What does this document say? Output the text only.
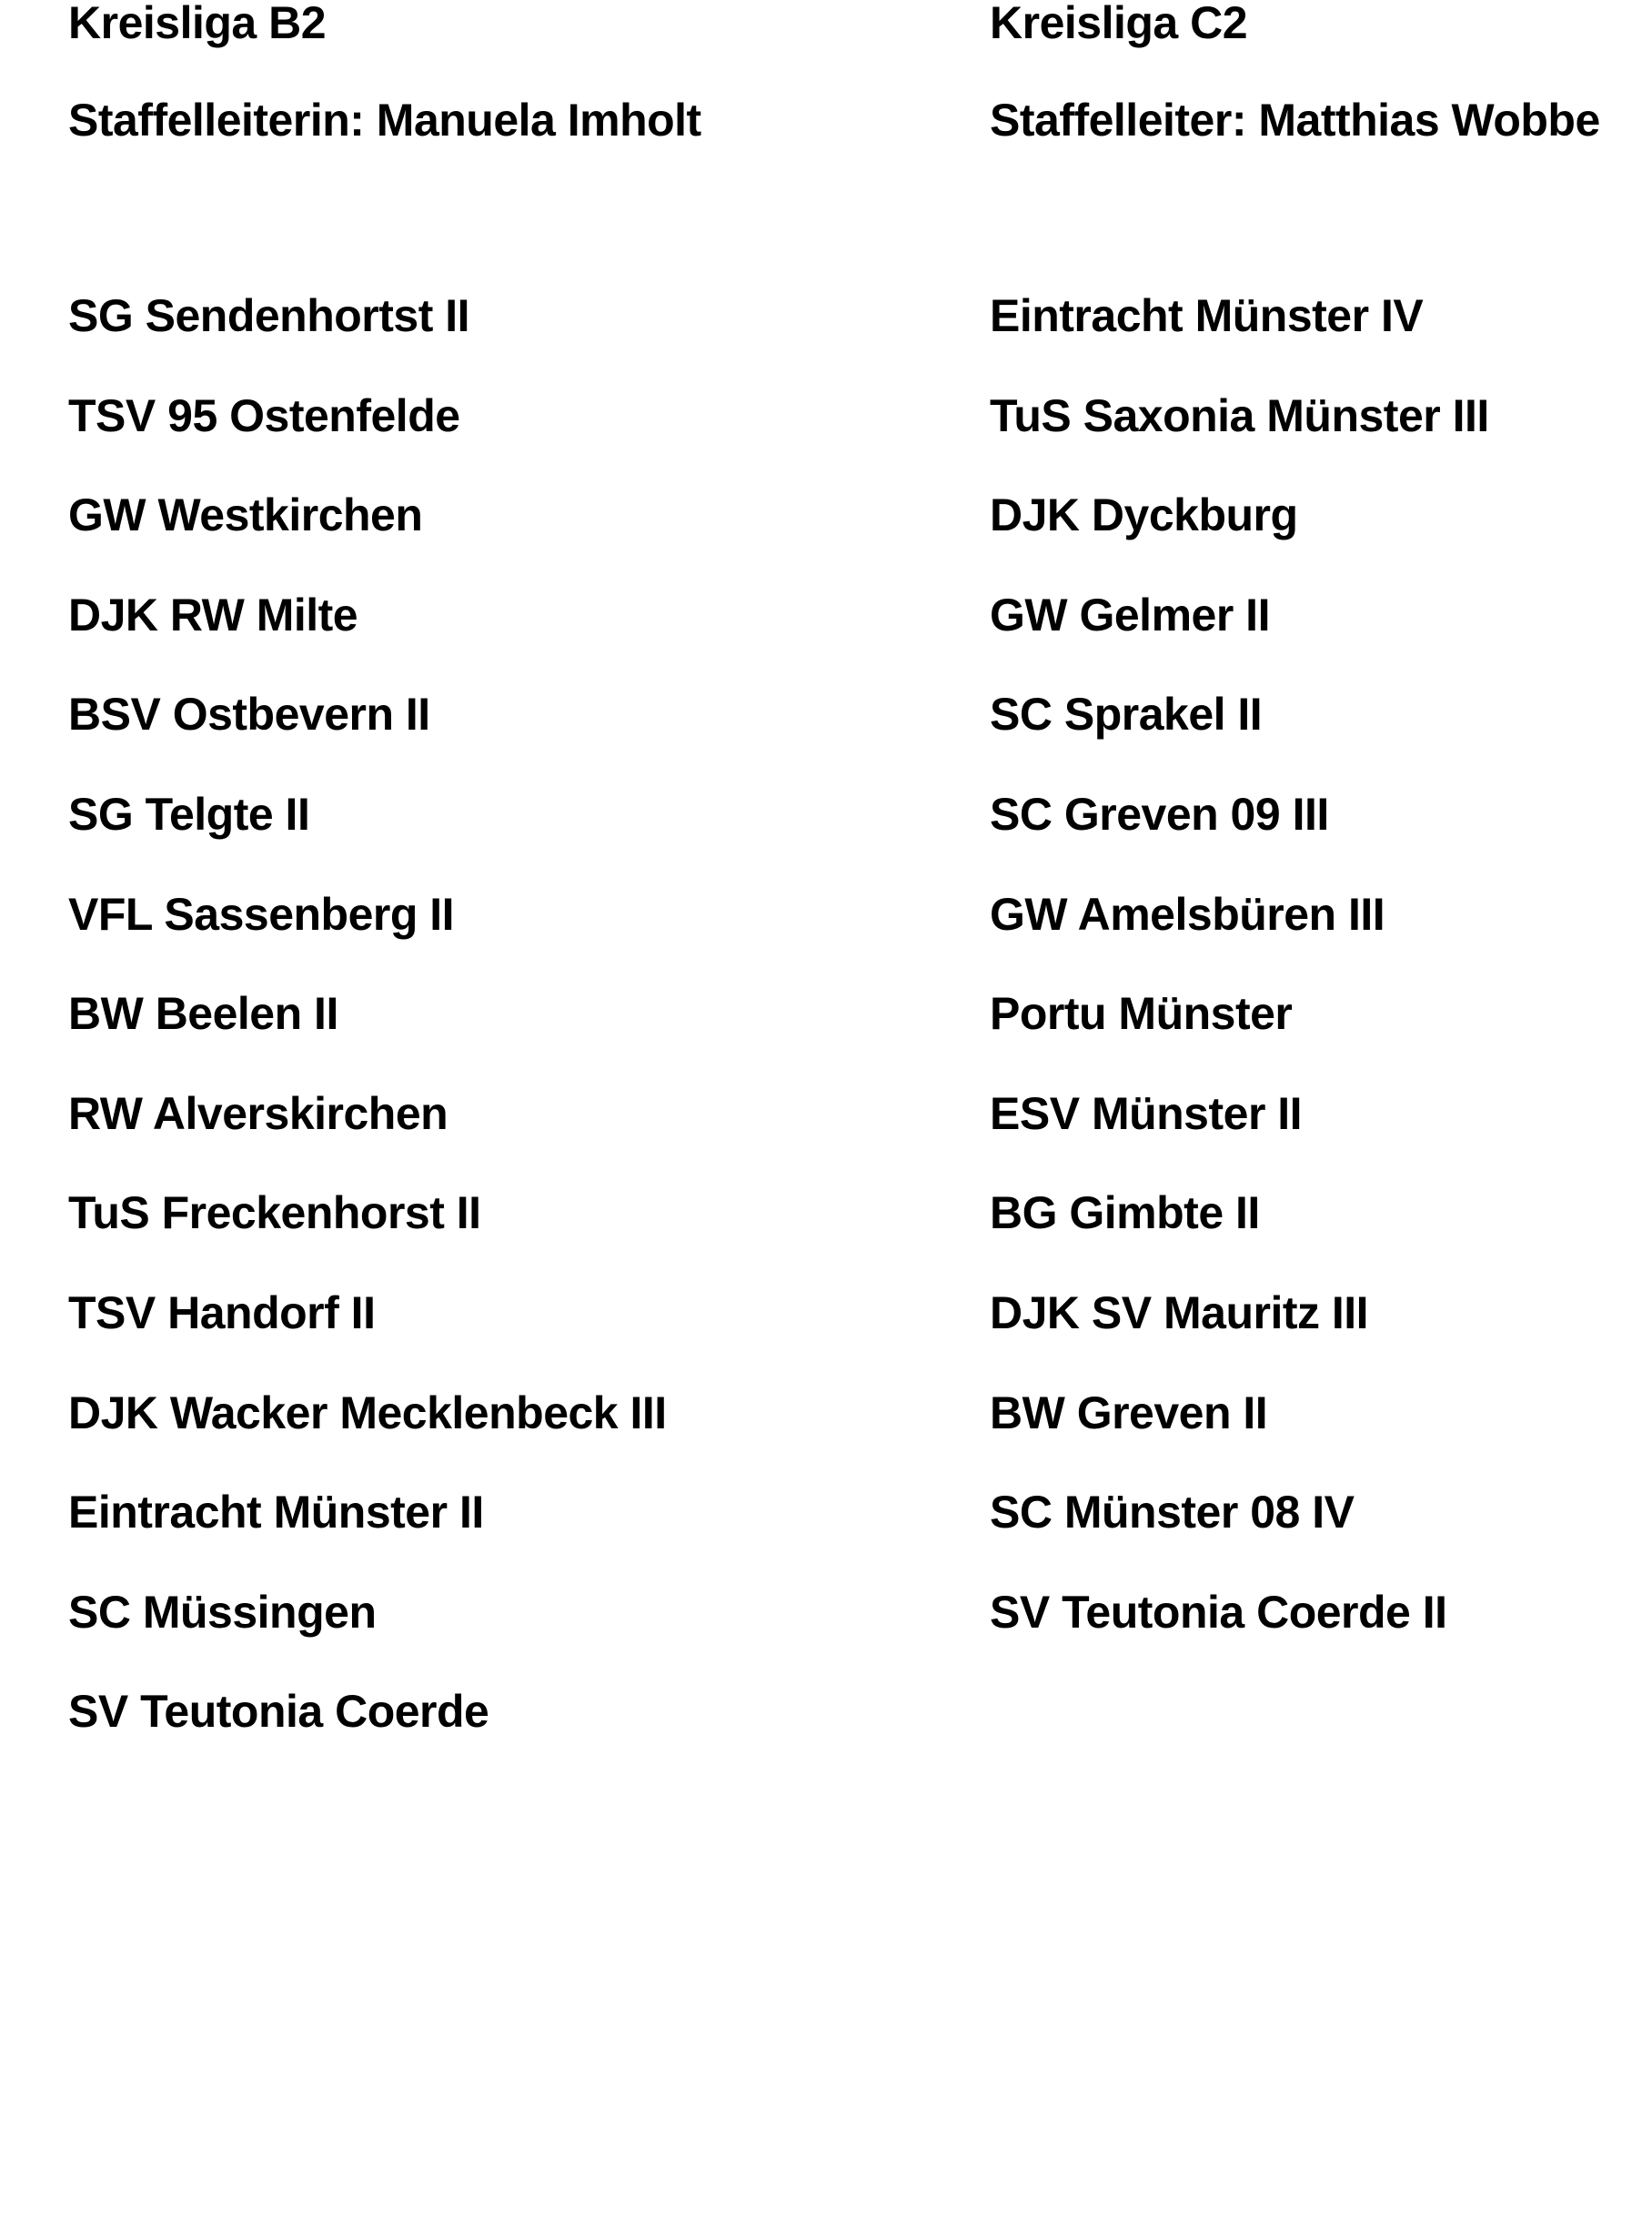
Kreisliga B2
Staffelleiterin: Manuela Imholt
SG Sendenhortst II
TSV 95 Ostenfelde
GW Westkirchen
DJK RW Milte
BSV Ostbevern II
SG Telgte II
VFL Sassenberg II
BW Beelen II
RW Alverskirchen
TuS Freckenhorst II
TSV Handorf II
DJK Wacker Mecklenbeck III
Eintracht Münster II
SC Müssingen
SV Teutonia Coerde
Kreisliga C2
Staffelleiter: Matthias Wobbe
Eintracht Münster IV
TuS Saxonia Münster III
DJK Dyckburg
GW Gelmer II
SC Sprakel II
SC Greven 09 III
GW Amelsbüren III
Portu Münster
ESV Münster II
BG Gimbte II
DJK SV Mauritz III
BW Greven II
SC Münster 08 IV
SV Teutonia Coerde II
